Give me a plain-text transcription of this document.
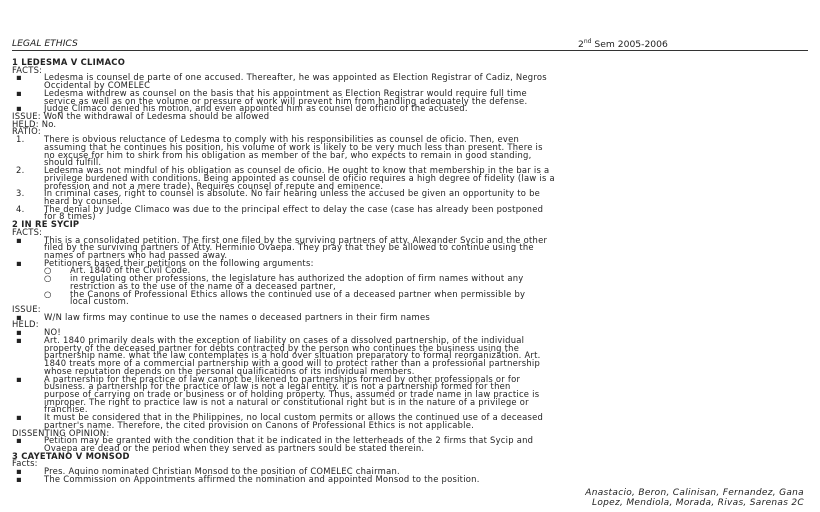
LEGAL ETHICS	2nd Sem 2005-2006
1 LEDESMA V CLIMACO
FACTS:
▪	Ledesma is counsel de parte of one accused. Thereafter, he was appointed as Election Registrar of Cadiz, Negros
Occidental by COMELEC
▪	Ledesma withdrew as counsel on the basis that his appointment as Election Registrar would require full time
service as well as on the volume or pressure of work will prevent him from handling adequately the defense.
▪	Judge Climaco denied his motion, and even appointed him as counsel de officio of the accused.
ISSUE: WoN the withdrawal of Ledesma should be allowed
HELD: No.
RATIO:
1. There is obvious reluctance of Ledesma to comply with his responsibilities as counsel de oficio. Then, even
assuming that he continues his position, his volume of work is likely to be very much less than present. There is
no excuse for him to shirk from his obligation as member of the bar, who expects to remain in good standing,
should fulfill.
2. Ledesma was not mindful of his obligation as counsel de oficio. He ought to know that membership in the bar is a
privilege burdened with conditions. Being appointed as counsel de oficio requires a high degree of fidelity (law is a
profession and not a mere trade). Requires counsel of repute and eminence.
3. In criminal cases, right to counsel is absolute. No fair hearing unless the accused be given an opportunity to be
heard by counsel.
4. The denial by Judge Climaco was due to the principal effect to delay the case (case has already been postponed
for 8 times)
2 IN RE SYCIP
FACTS:
▪	This is a consolidated petition. The first one filed by the surviving partners of atty. Alexander Sycip and the other
filed by the surviving partners of Atty. Herminio Ovaepa. They pray that they be allowed to continue using the
names of partners who had passed away.
▪	Petitioners based their petitions on the following arguments:
○ Art. 1840 of the Civil Code.
○ in regulating other professions, the legislature has authorized the adoption of firm names without any
restriction as to the use of the name of a deceased partner,
○ the Canons of Professional Ethics allows the continued use of a deceased partner when permissible by
local custom.
ISSUE:
▪	W/N law firms may continue to use the names o deceased partners in their firm names
HELD:
▪	NO!
▪	Art. 1840 primarily deals with the exception of liability on cases of a dissolved partnership, of the individual
property of the deceased partner for debts contracted by the person who continues the business using the
partnership name. what the law contemplates is a hold over situation preparatory to formal reorganization. Art.
1840 treats more of a commercial partnership with a good will to protect rather than a professional partnership
whose reputation depends on the personal qualifications of its individual members.
▪	A partnership for the practice of law cannot be likened to partnerships formed by other professionals or for
business. a partnership for the practice of law is not a legal entity. it is not a partnership formed for then
purpose of carrying on trade or business or of holding property. Thus, assumed or trade name in law practice is
improper. The right to practice law is not a natural or constitutional right but is in the nature of a privilege or
franchise.
▪	It must be considered that in the Philippines, no local custom permits or allows the continued use of a deceased
partner's name. Therefore, the cited provision on Canons of Professional Ethics is not applicable.
DISSENTING OPINION:
▪	Petition may be granted with the condition that it be indicated in the letterheads of the 2 firms that Sycip and
Ovaepa are dead or the period when they served as partners sould be stated therein.
3 CAYETANO V MONSOD
Facts:
▪	Pres. Aquino nominated Christian Monsod to the position of COMELEC chairman.
▪	The Commission on Appointments affirmed the nomination and appointed Monsod to the position.
Anastacio, Beron, Calinisan, Fernandez, Gana
Lopez, Mendiola, Morada, Rivas, Sarenas 2C
